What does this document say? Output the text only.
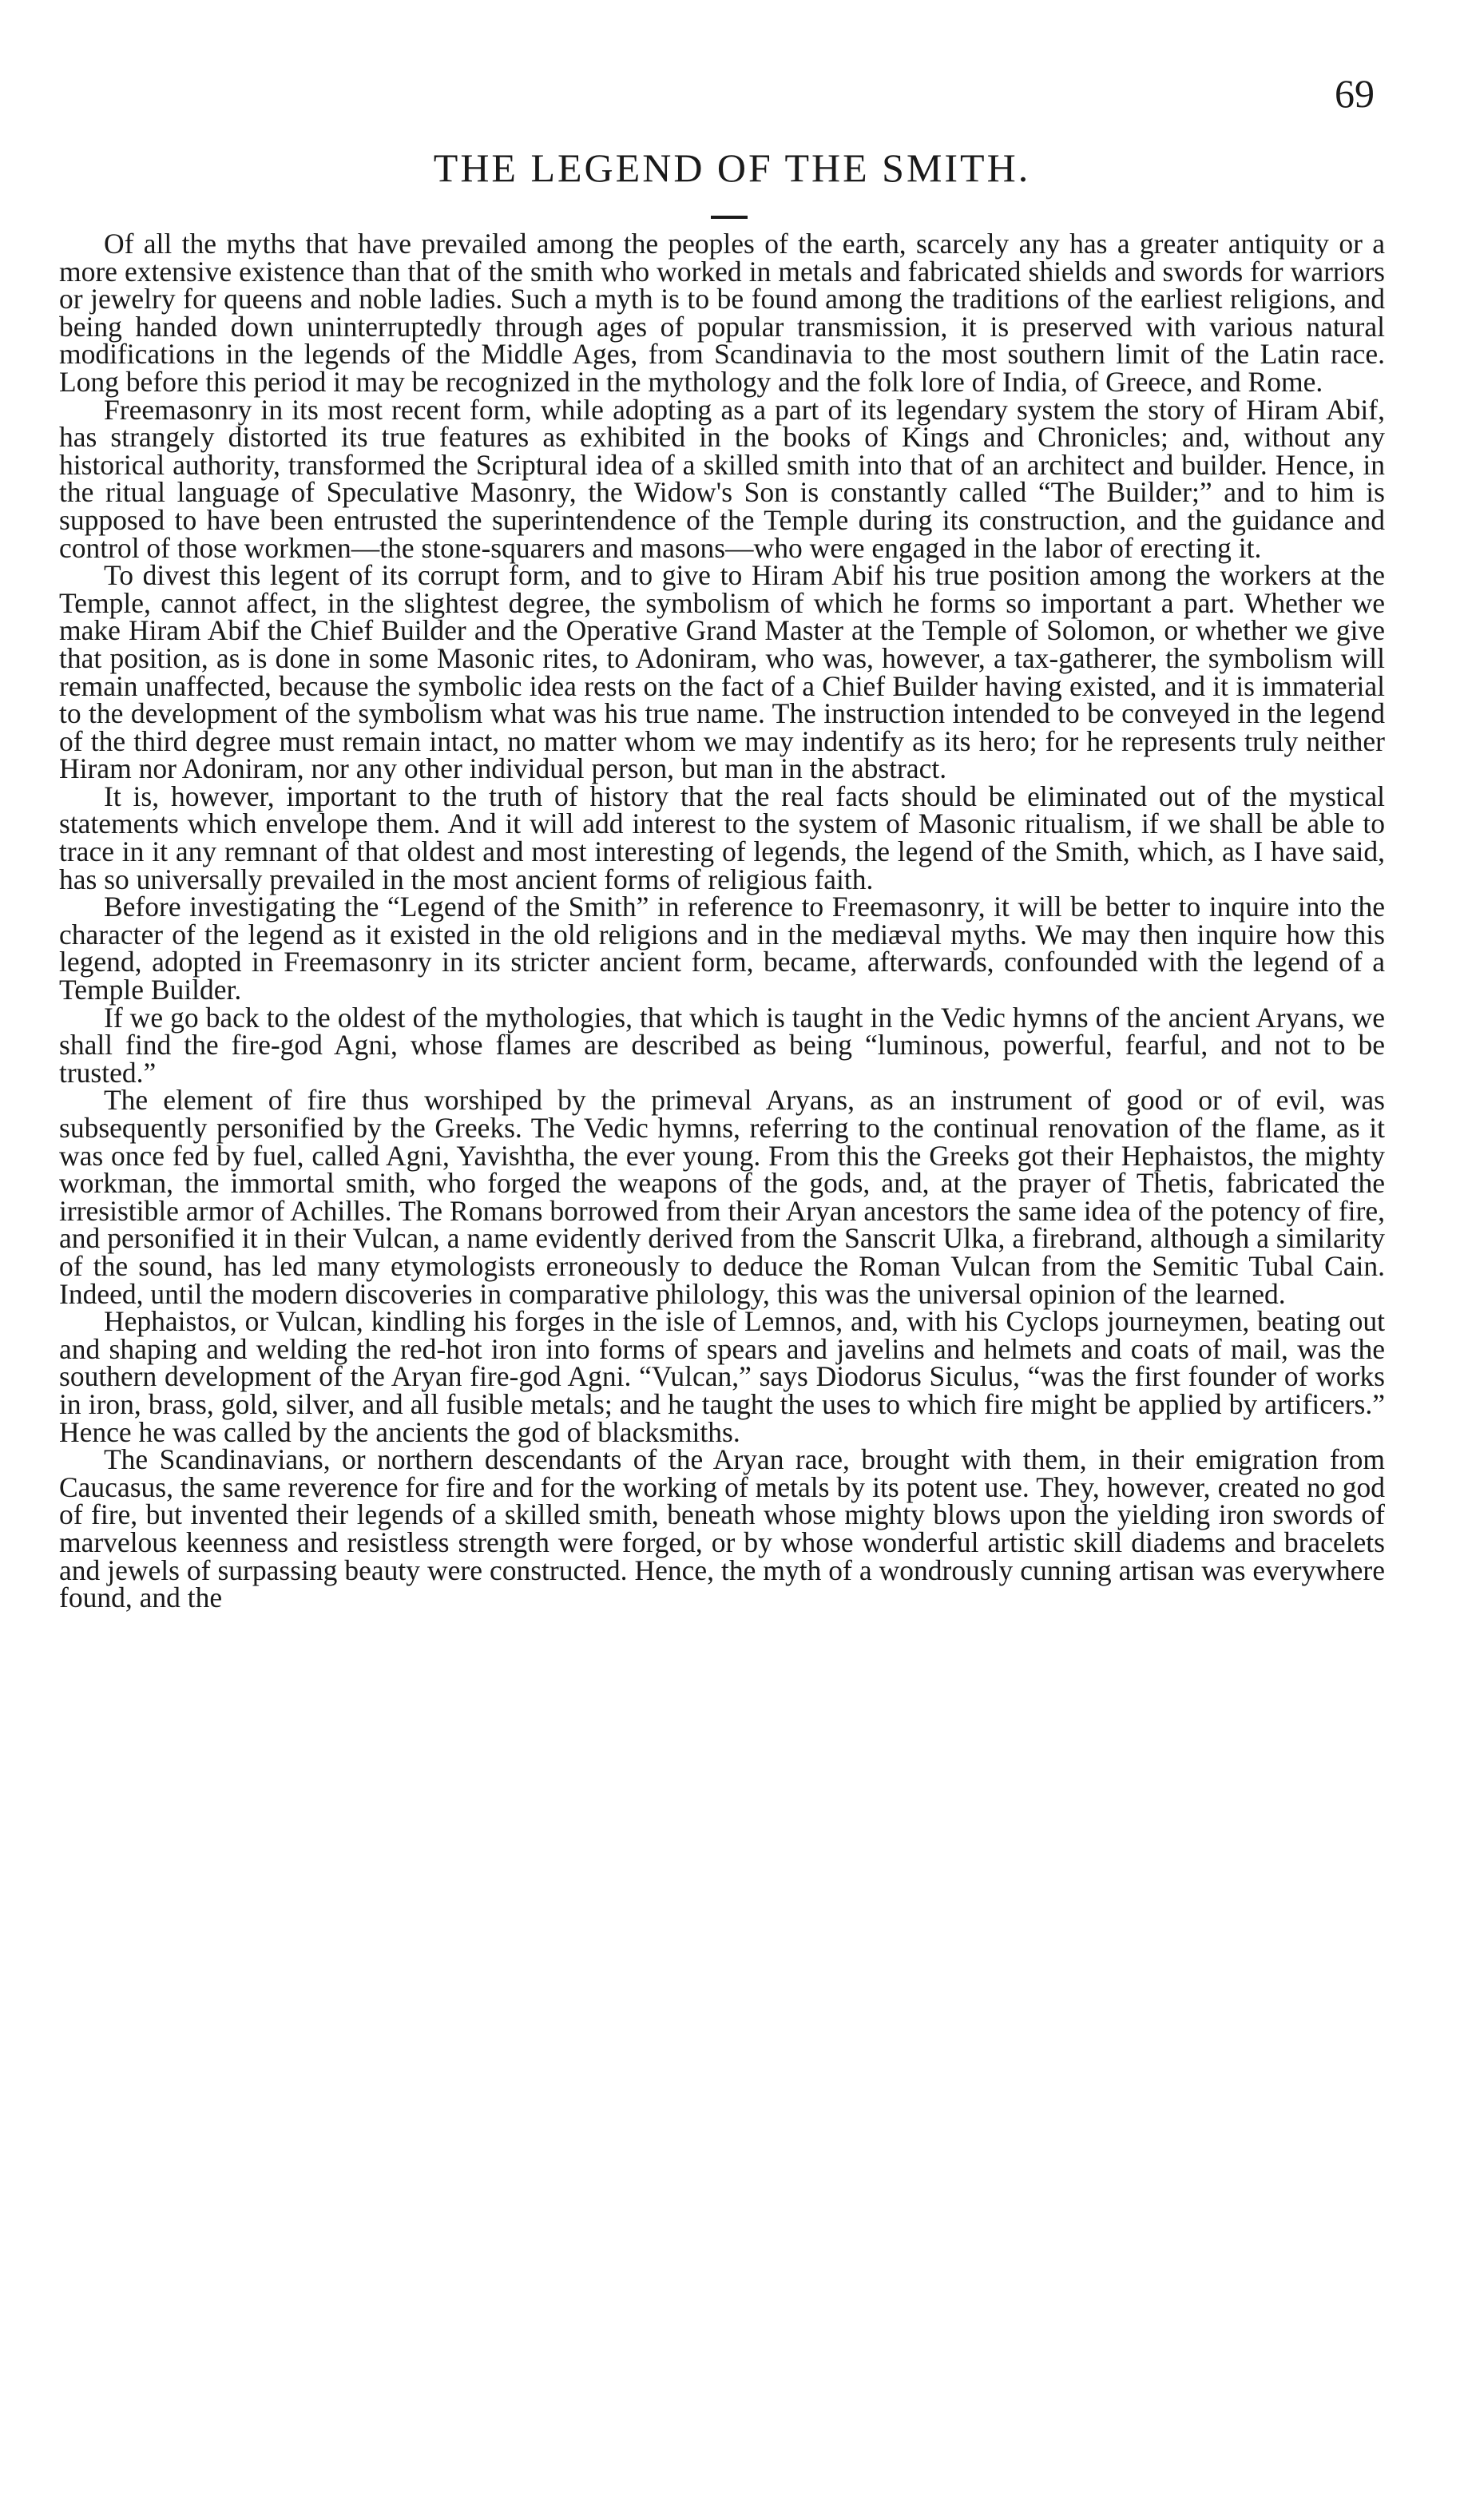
69
THE LEGEND OF THE SMITH.

Of all the myths that have prevailed among the peoples of the earth, scarcely any has a greater antiquity or a more extensive existence than that of the smith who worked in metals and fabricated shields and swords for warriors or jewelry for queens and noble ladies. Such a myth is to be found among the traditions of the earliest religions, and being handed down uninterruptedly through ages of popular transmission, it is preserved with various natural modifications in the legends of the Middle Ages, from Scandinavia to the most southern limit of the Latin race. Long before this period it may be recognized in the mythology and the folk lore of India, of Greece, and Rome.

Freemasonry in its most recent form, while adopting as a part of its legendary system the story of Hiram Abif, has strangely distorted its true features as exhibited in the books of Kings and Chronicles; and, without any historical authority, transformed the Scriptural idea of a skilled smith into that of an architect and builder. Hence, in the ritual language of Speculative Masonry, the Widow's Son is constantly called “The Builder;” and to him is supposed to have been entrusted the superintendence of the Temple during its construction, and the guidance and control of those workmen—the stone-squarers and masons—who were engaged in the labor of erecting it.

To divest this legent of its corrupt form, and to give to Hiram Abif his true position among the workers at the Temple, cannot affect, in the slightest degree, the symbolism of which he forms so important a part. Whether we make Hiram Abif the Chief Builder and the Operative Grand Master at the Temple of Solomon, or whether we give that position, as is done in some Masonic rites, to Adoniram, who was, however, a tax-gatherer, the symbolism will remain unaffected, because the symbolic idea rests on the fact of a Chief Builder having existed, and it is immaterial to the development of the symbolism what was his true name. The instruction intended to be conveyed in the legend of the third degree must remain intact, no matter whom we may indentify as its hero; for he represents truly neither Hiram nor Adoniram, nor any other individual person, but man in the abstract.

It is, however, important to the truth of history that the real facts should be eliminated out of the mystical statements which envelope them. And it will add interest to the system of Masonic ritualism, if we shall be able to trace in it any remnant of that oldest and most interesting of legends, the legend of the Smith, which, as I have said, has so universally prevailed in the most ancient forms of religious faith.

Before investigating the “Legend of the Smith” in reference to Freemasonry, it will be better to inquire into the character of the legend as it existed in the old religions and in the mediæval myths. We may then inquire how this legend, adopted in Freemasonry in its stricter ancient form, became, afterwards, confounded with the legend of a Temple Builder.

If we go back to the oldest of the mythologies, that which is taught in the Vedic hymns of the ancient Aryans, we shall find the fire-god Agni, whose flames are described as being “luminous, powerful, fearful, and not to be trusted.”

The element of fire thus worshiped by the primeval Aryans, as an instrument of good or of evil, was subsequently personified by the Greeks. The Vedic hymns, referring to the continual renovation of the flame, as it was once fed by fuel, called Agni, Yavishtha, the ever young. From this the Greeks got their Hephaistos, the mighty workman, the immortal smith, who forged the weapons of the gods, and, at the prayer of Thetis, fabricated the irresistible armor of Achilles. The Romans borrowed from their Aryan ancestors the same idea of the potency of fire, and personified it in their Vulcan, a name evidently derived from the Sanscrit Ulka, a firebrand, although a similarity of the sound, has led many etymologists erroneously to deduce the Roman Vulcan from the Semitic Tubal Cain. Indeed, until the modern discoveries in comparative philology, this was the universal opinion of the learned.

Hephaistos, or Vulcan, kindling his forges in the isle of Lemnos, and, with his Cyclops journeymen, beating out and shaping and welding the red-hot iron into forms of spears and javelins and helmets and coats of mail, was the southern development of the Aryan fire-god Agni. “Vulcan,” says Diodorus Siculus, “was the first founder of works in iron, brass, gold, silver, and all fusible metals; and he taught the uses to which fire might be applied by artificers.” Hence he was called by the ancients the god of blacksmiths.

The Scandinavians, or northern descendants of the Aryan race, brought with them, in their emigration from Caucasus, the same reverence for fire and for the working of metals by its potent use. They, however, created no god of fire, but invented their legends of a skilled smith, beneath whose mighty blows upon the yielding iron swords of marvelous keenness and resistless strength were forged, or by whose wonderful artistic skill diadems and bracelets and jewels of surpassing beauty were constructed. Hence, the myth of a wondrously cunning artisan was everywhere found, and the
